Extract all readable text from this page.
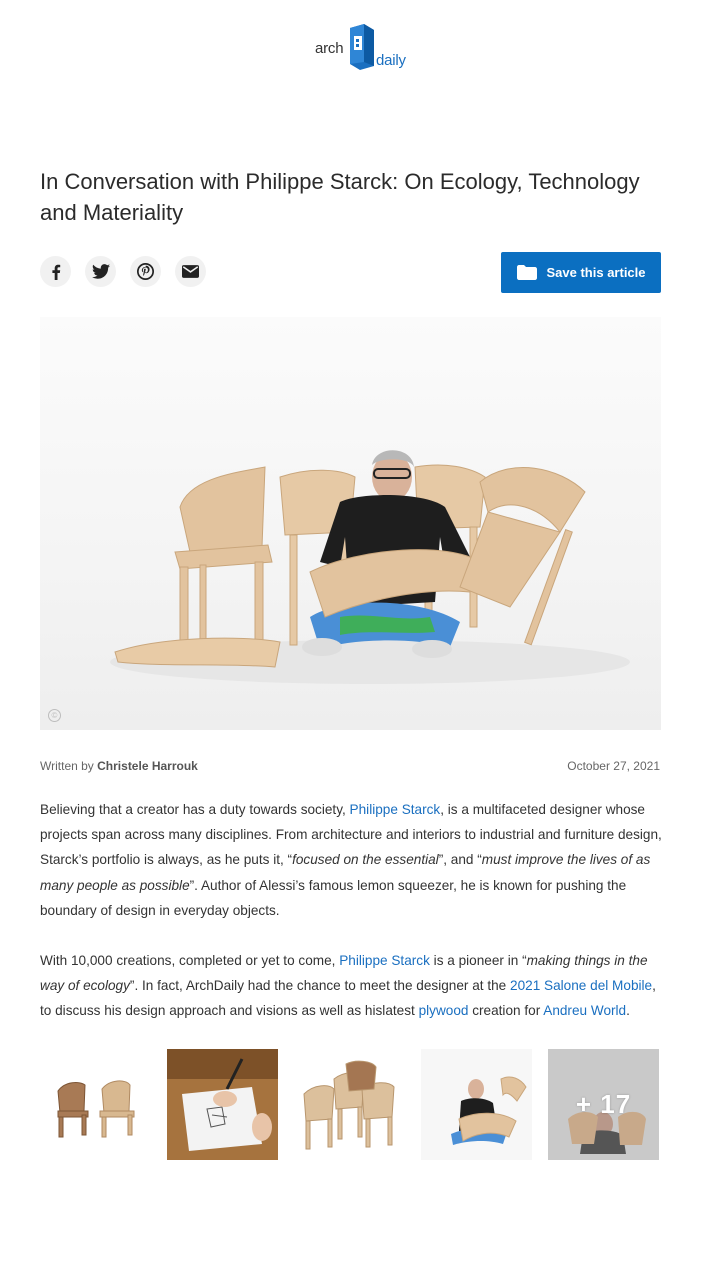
arch
daily
In Conversation with Philippe Starck: On Ecology, Technology and Materiality
Save this article
©
Written by Christele Harrouk	October 27, 2021

Believing that a creator has a duty towards society, Philippe Starck, is a multifaceted designer whose projects span across many disciplines. From architecture and interiors to industrial and furniture design, Starck’s portfolio is always, as he puts it, “focused on the essential”, and “must improve the lives of as many people as possible”. Author of Alessi’s famous lemon squeezer, he is known for pushing the boundary of design in everyday objects.

With 10,000 creations, completed or yet to come, Philippe Starck is a pioneer in “making things in the way of ecology”. In fact, ArchDaily had the chance to meet the designer at the 2021 Salone del Mobile, to discuss his design approach and visions as well as hislatest plywood creation for Andreu World.

+ 17
